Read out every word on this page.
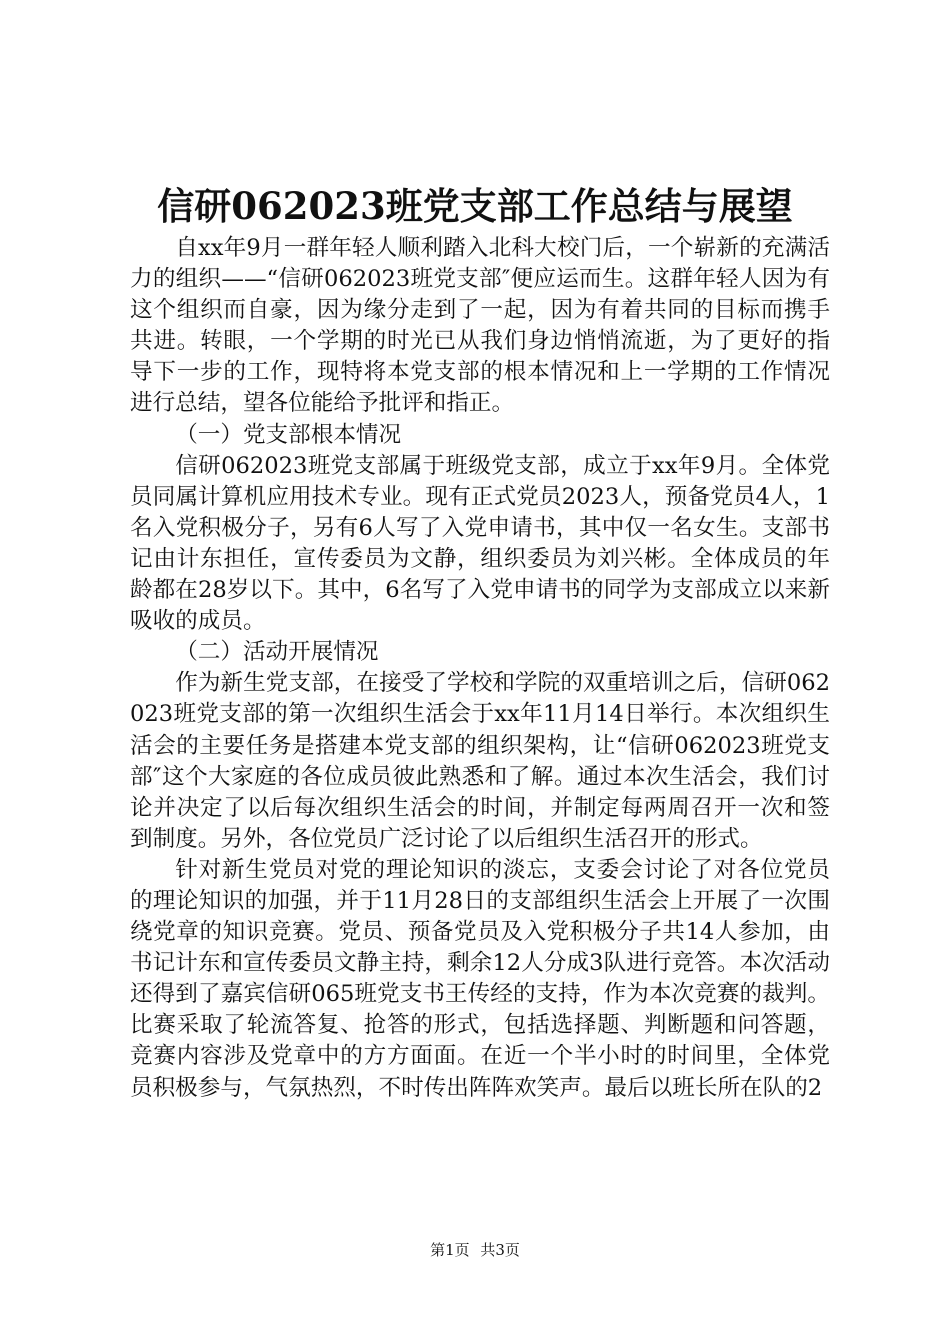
信研062023班党支部工作总结与展望

自xx年9月一群年轻人顺利踏入北科大校门后，一个崭新的充满活力的组织——“信研062023班党支部″便应运而生。这群年轻人因为有这个组织而自豪，因为缘分走到了一起，因为有着共同的目标而携手共进。转眼，一个学期的时光已从我们身边悄悄流逝，为了更好的指导下一步的工作，现特将本党支部的根本情况和上一学期的工作情况进行总结，望各位能给予批评和指正。

（一）党支部根本情况

信研062023班党支部属于班级党支部，成立于xx年9月。全体党员同属计算机应用技术专业。现有正式党员2023人，预备党员4人，1名入党积极分子，另有6人写了入党申请书，其中仅一名女生。支部书记由计东担任，宣传委员为文静，组织委员为刘兴彬。全体成员的年龄都在28岁以下。其中，6名写了入党申请书的同学为支部成立以来新吸收的成员。

（二）活动开展情况

作为新生党支部，在接受了学校和学院的双重培训之后，信研062023班党支部的第一次组织生活会于xx年11月14日举行。本次组织生活会的主要任务是搭建本党支部的组织架构，让“信研062023班党支部″这个大家庭的各位成员彼此熟悉和了解。通过本次生活会，我们讨论并决定了以后每次组织生活会的时间，并制定每两周召开一次和签到制度。另外，各位党员广泛讨论了以后组织生活召开的形式。

针对新生党员对党的理论知识的淡忘，支委会讨论了对各位党员的理论知识的加强，并于11月28日的支部组织生活会上开展了一次围绕党章的知识竞赛。党员、预备党员及入党积极分子共14人参加，由书记计东和宣传委员文静主持，剩余12人分成3队进行竞答。本次活动还得到了嘉宾信研065班党支书王传经的支持，作为本次竞赛的裁判。比赛采取了轮流答复、抢答的形式，包括选择题、判断题和问答题，竞赛内容涉及党章中的方方面面。在近一个半小时的时间里，全体党员积极参与，气氛热烈，不时传出阵阵欢笑声。最后以班长所在队的2

第1页 共3页
